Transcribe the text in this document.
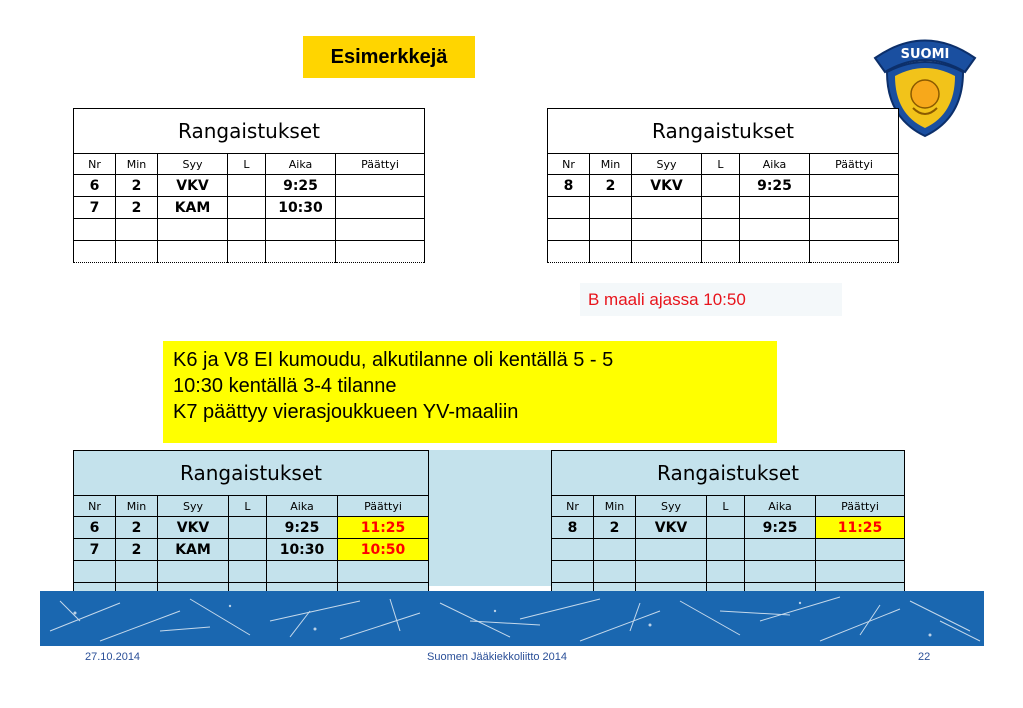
Esimerkkejä	SUOMI
Rangaistukset					
Nr	Min	Syy	L	Aika	Päättyi
6	2	VKV		9:25	
7	2	KAM		10:30	

Rangaistukset					
Nr	Min	Syy	L	Aika	Päättyi
8	2	VKV		9:25	

B maali ajassa 10:50
K6 ja V8 EI kumoudu, alkutilanne oli kentällä 5 - 5
10:30 kentällä 3-4 tilanne
K7 päättyy vierasjoukkueen YV-maaliin
Rangaistukset					
Nr	Min	Syy	L	Aika	Päättyi
6	2	VKV		9:25	11:25
7	2	KAM		10:30	10:50

Rangaistukset					
Nr	Min	Syy	L	Aika	Päättyi
8	2	VKV		9:25	11:25

27.10.2014	Suomen Jääkiekkoliitto 2014	22
